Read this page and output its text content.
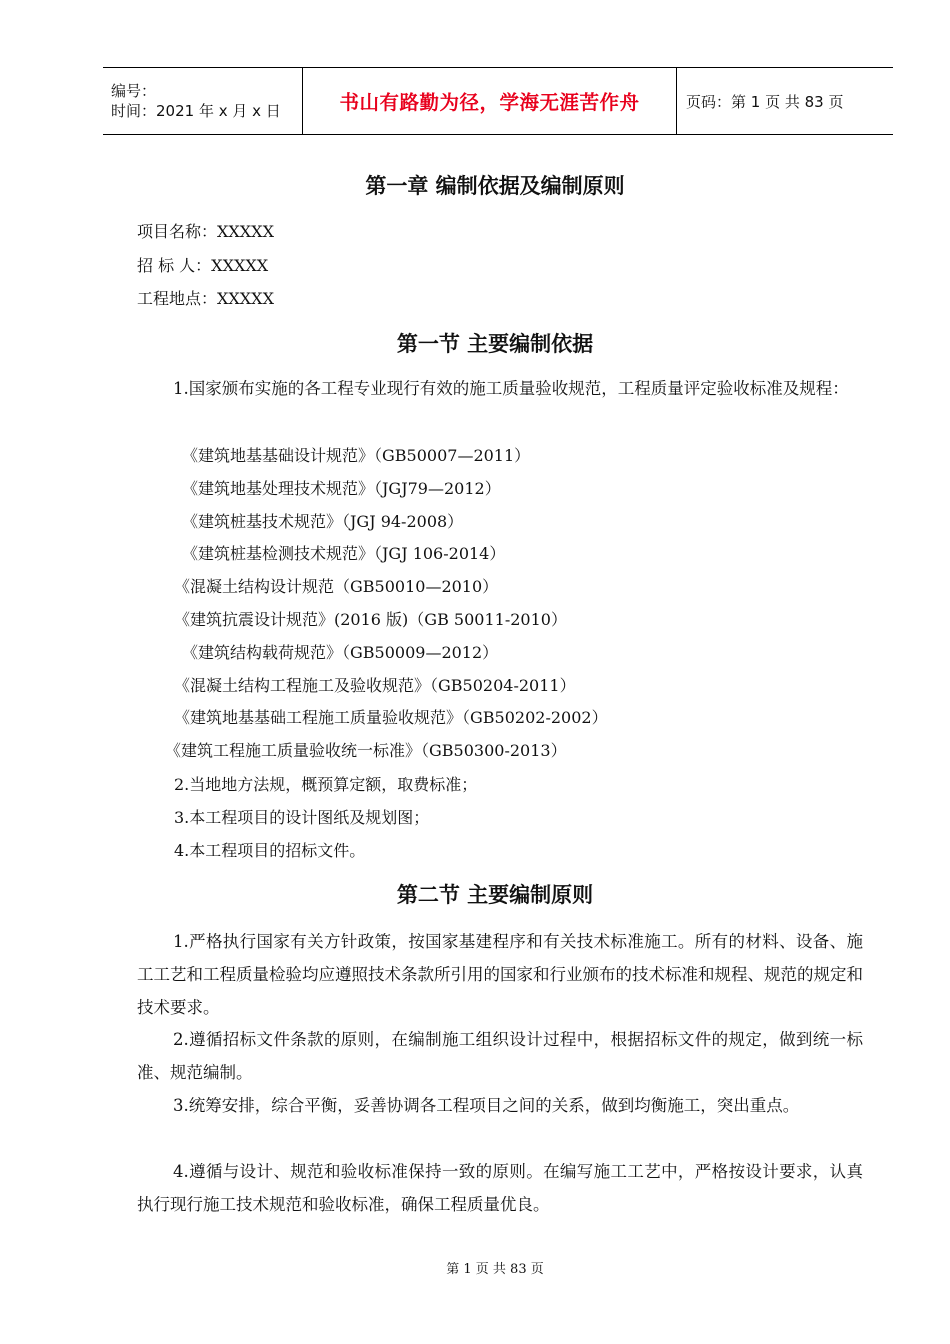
编号：
时间：2021 年 x 月 x 日	书山有路勤为径，学海无涯苦作舟	页码：第 1 页 共 83 页
第一章 编制依据及编制原则
项目名称：XXXXX
招 标 人：XXXXX
工程地点：XXXXX
第一节 主要编制依据
1.国家颁布实施的各工程专业现行有效的施工质量验收规范，工程质量评定验收标准及规程：
《建筑地基基础设计规范》（GB50007—2011）
《建筑地基处理技术规范》（JGJ79—2012）
《建筑桩基技术规范》（JGJ 94-2008）
《建筑桩基检测技术规范》（JGJ 106-2014）
《混凝土结构设计规范（GB50010—2010）
《建筑抗震设计规范》(2016 版)（GB 50011-2010）
《建筑结构载荷规范》（GB50009—2012）
《混凝土结构工程施工及验收规范》（GB50204-2011）
《建筑地基基础工程施工质量验收规范》（GB50202-2002）
《建筑工程施工质量验收统一标准》（GB50300-2013）
2.当地地方法规，概预算定额，取费标准；
3.本工程项目的设计图纸及规划图；
4.本工程项目的招标文件。
第二节 主要编制原则
1.严格执行国家有关方针政策，按国家基建程序和有关技术标准施工。所有的材料、设备、施工工艺和工程质量检验均应遵照技术条款所引用的国家和行业颁布的技术标准和规程、规范的规定和技术要求。
2.遵循招标文件条款的原则，在编制施工组织设计过程中，根据招标文件的规定，做到统一标准、规范编制。
3.统筹安排，综合平衡，妥善协调各工程项目之间的关系，做到均衡施工，突出重点。
4.遵循与设计、规范和验收标准保持一致的原则。在编写施工工艺中，严格按设计要求，认真执行现行施工技术规范和验收标准，确保工程质量优良。
第 1 页 共 83 页
